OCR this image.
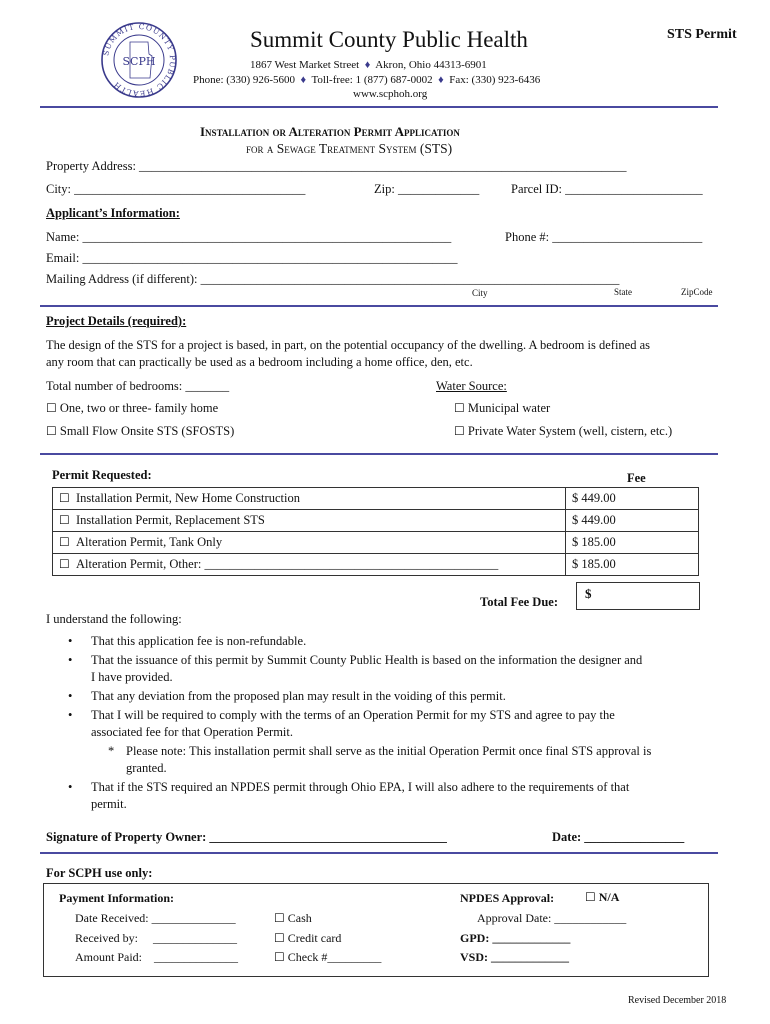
SUMMIT COUNTY PUBLIC HEALTH
SCPH
Summit County Public Health	STS Permit
1867 West Market Street ♦ Akron, Ohio 44313-6901
Phone: (330) 926-5600 ♦ Toll-free: 1 (877) 687-0002 ♦ Fax: (330) 923-6436
www.scphoh.org
Installation or Alteration Permit Application
for a Sewage Treatment System (STS)
Property Address: ______________________________________________________________________________
City: _____________________________________	Zip: _____________	Parcel ID: ______________________
Applicant’s Information:
Name: ___________________________________________________________	Phone #: ________________________
Email: ____________________________________________________________
Mailing Address (if different): ___________________________________________________________________
City	State	ZipCode
Project Details (required):
The design of the STS for a project is based, in part, on the potential occupancy of the dwelling. A bedroom is defined as
any room that can practically be used as a bedroom including a home office, den, etc.
Total number of bedrooms: _______	Water Source:
☐ One, two or three- family home
☐ Small Flow Onsite STS (SFOSTS)
☐ Municipal water
☐ Private Water System (well, cistern, etc.)
Permit Requested:	Fee
☐ Installation Permit, New Home Construction	$ 449.00
☐ Installation Permit, Replacement STS	$ 449.00
☐ Alteration Permit, Tank Only	$ 185.00
☐ Alteration Permit, Other: _______________________________________________	$ 185.00
Total Fee Due:
$
I understand the following:
• That this application fee is non-refundable.
• That the issuance of this permit by Summit County Public Health is based on the information the designer and
I have provided.
• That any deviation from the proposed plan may result in the voiding of this permit.
• That I will be required to comply with the terms of an Operation Permit for my STS and agree to pay the
associated fee for that Operation Permit.
* Please note: This installation permit shall serve as the initial Operation Permit once final STS approval is
granted.
• That if the STS required an NPDES permit through Ohio EPA, I will also adhere to the requirements of that
permit.
Signature of Property Owner: ______________________________________	Date: ________________
For SCPH use only:
Payment Information:
Date Received: ______________
Received by:     ______________
Amount Paid:    ______________
☐ Cash
☐ Credit card
☐ Check #_________
NPDES Approval:	☐ N/A
Approval Date: ____________
GPD: _____________
VSD: _____________
Revised December 2018
